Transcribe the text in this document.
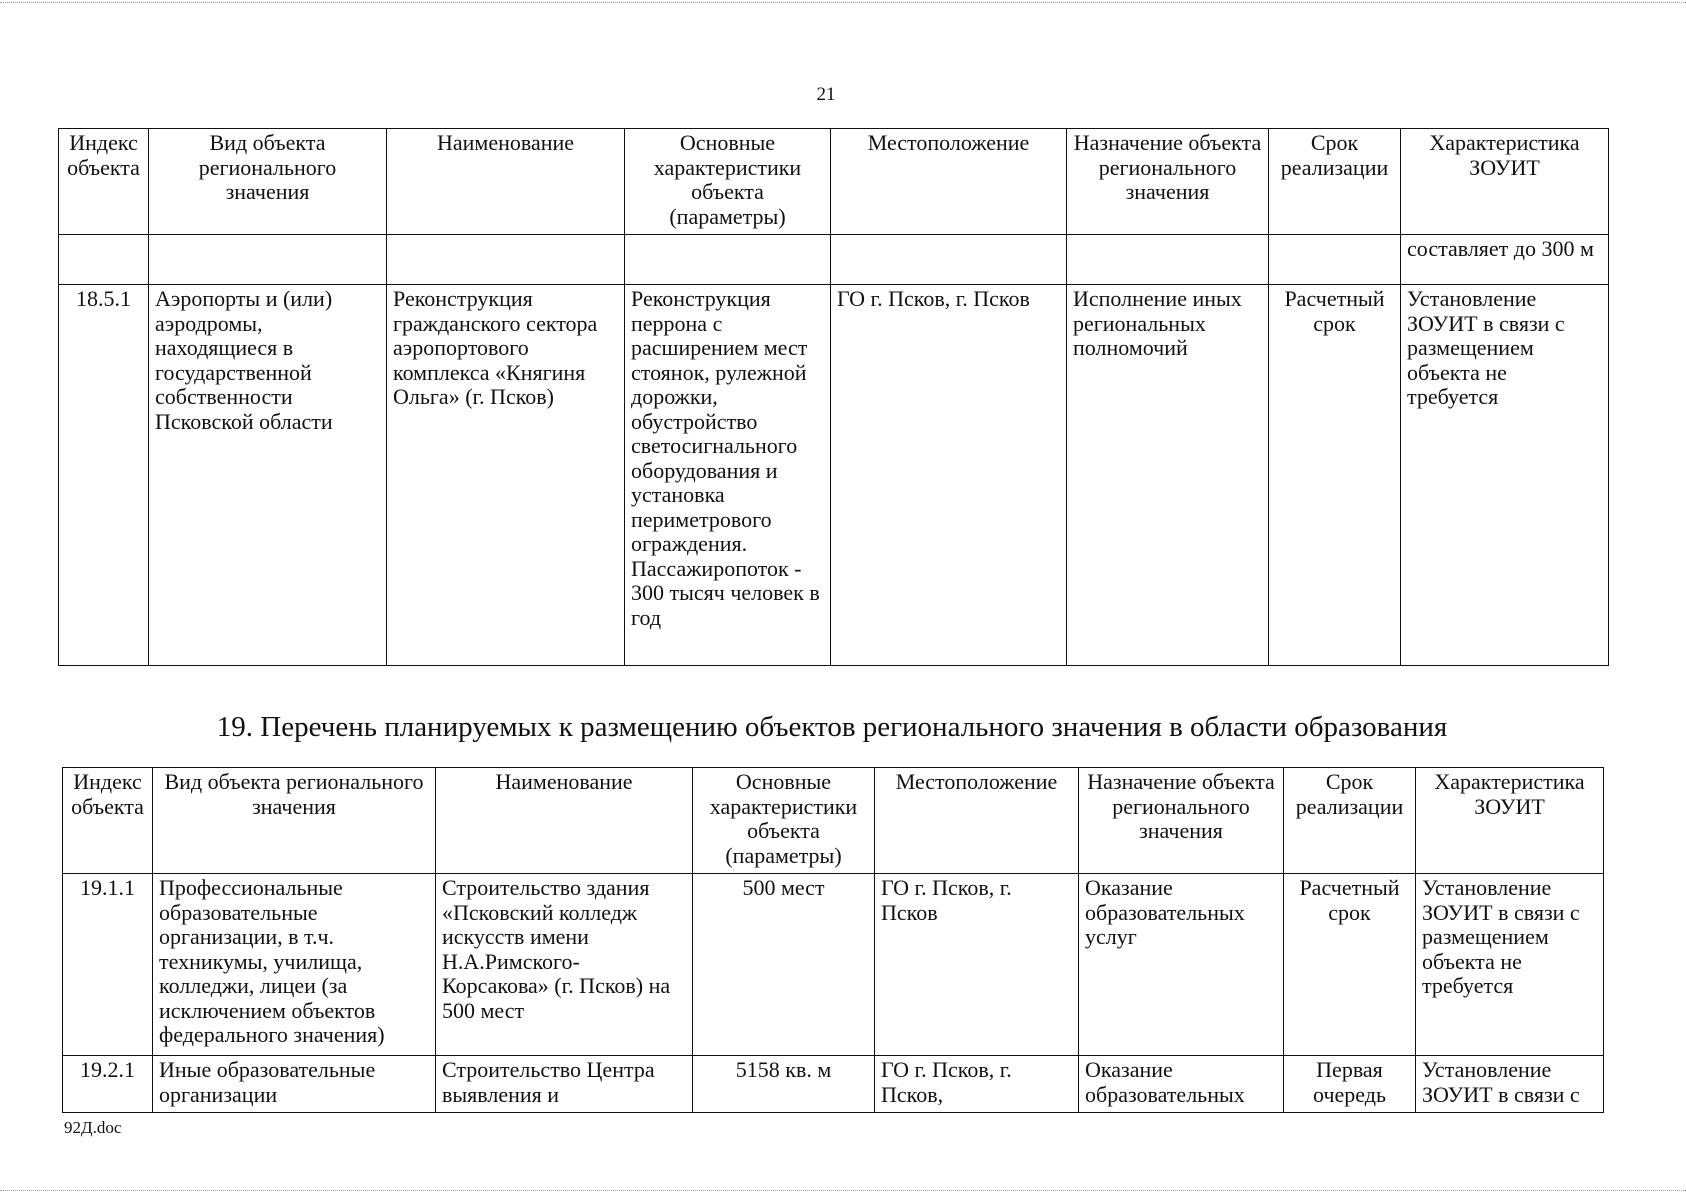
21
Индекс объекта	Вид объекта регионального значения	Наименование	Основные характеристики объекта (параметры)	Местоположение	Назначение объекта регионального значения	Срок реализации	Характеристика ЗОУИТ
							составляет до 300 м
18.5.1	Аэропорты и (или) аэродромы, находящиеся в государственной собственности Псковской области	Реконструкция гражданского сектора аэропортового комплекса «Княгиня Ольга» (г. Псков)	Реконструкция перрона с расширением мест стоянок, рулежной дорожки, обустройство светосигнального оборудования и установка периметрового ограждения. Пассажиропоток - 300 тысяч человек в год	ГО г. Псков, г. Псков	Исполнение иных региональных полномочий	Расчетный срок	Установление ЗОУИТ в связи с размещением объекта не требуется
19. Перечень планируемых к размещению объектов регионального значения в области образования
Индекс объекта	Вид объекта регионального значения	Наименование	Основные характеристики объекта (параметры)	Местоположение	Назначение объекта регионального значения	Срок реализации	Характеристика ЗОУИТ
19.1.1	Профессиональные образовательные организации, в т.ч. техникумы, училища, колледжи, лицеи (за исключением объектов федерального значения)	Строительство здания «Псковский колледж искусств имени Н.А.Римского-Корсакова» (г. Псков) на 500 мест	500 мест	ГО г. Псков, г. Псков	Оказание образовательных услуг	Расчетный срок	Установление ЗОУИТ в связи с размещением объекта не требуется
19.2.1	Иные образовательные организации	Строительство Центра выявления и	5158 кв. м	ГО г. Псков, г. Псков,	Оказание образовательных	Первая очередь	Установление ЗОУИТ в связи с
92Д.doc
